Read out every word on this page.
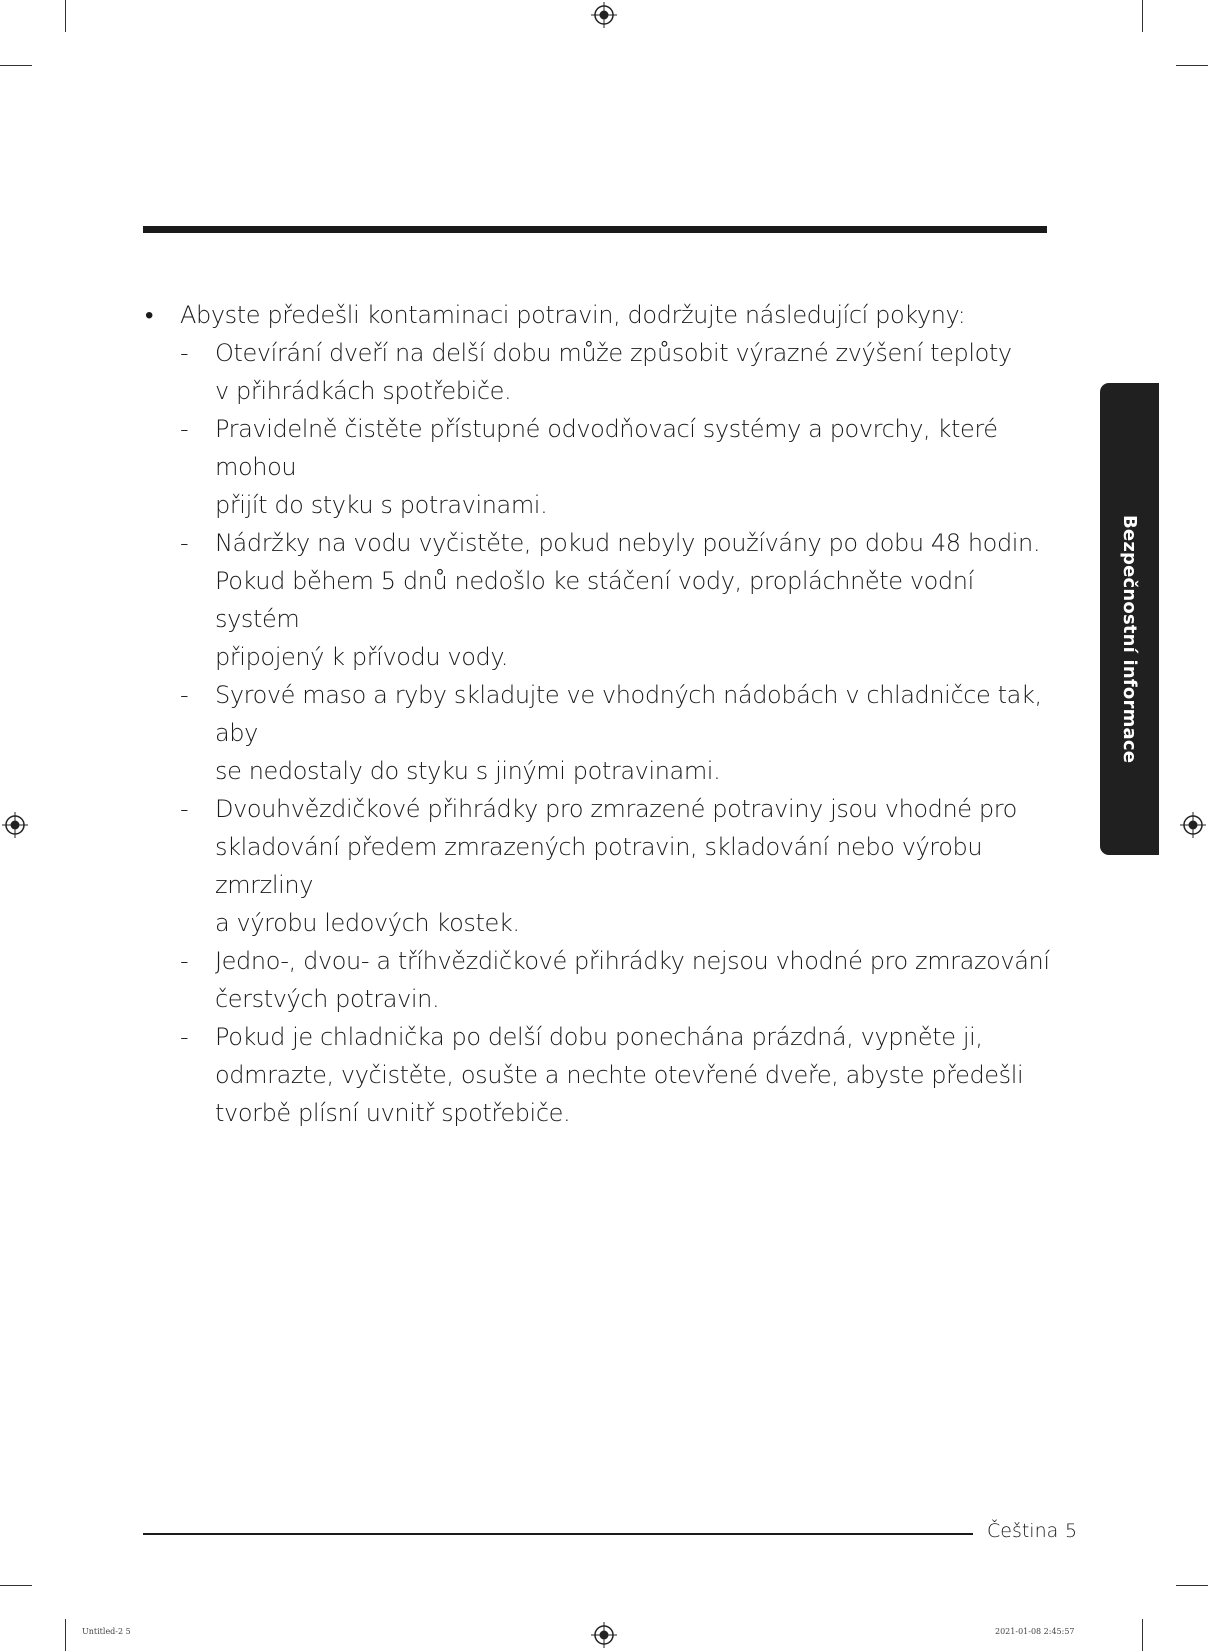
• Abyste předešli kontaminaci potravin, dodržujte následující pokyny:
- Otevírání dveří na delší dobu může způsobit výrazné zvýšení teploty
v přihrádkách spotřebiče.
- Pravidelně čistěte přístupné odvodňovací systémy a povrchy, které mohou
přijít do styku s potravinami.
- Nádržky na vodu vyčistěte, pokud nebyly používány po dobu 48 hodin.
Pokud během 5 dnů nedošlo ke stáčení vody, propláchněte vodní systém
připojený k přívodu vody.
- Syrové maso a ryby skladujte ve vhodných nádobách v chladničce tak, aby
se nedostaly do styku s jinými potravinami.
- Dvouhvězdičkové přihrádky pro zmrazené potraviny jsou vhodné pro
skladování předem zmrazených potravin, skladování nebo výrobu zmrzliny
a výrobu ledových kostek.
- Jedno-, dvou- a tříhvězdičkové přihrádky nejsou vhodné pro zmrazování
čerstvých potravin.
- Pokud je chladnička po delší dobu ponechána prázdná, vypněte ji,
odmrazte, vyčistěte, osušte a nechte otevřené dveře, abyste předešli
tvorbě plísní uvnitř spotřebiče.
Bezpečnostní informace
Čeština 5
Untitled-2 5	2021-01-08 2:45:57
